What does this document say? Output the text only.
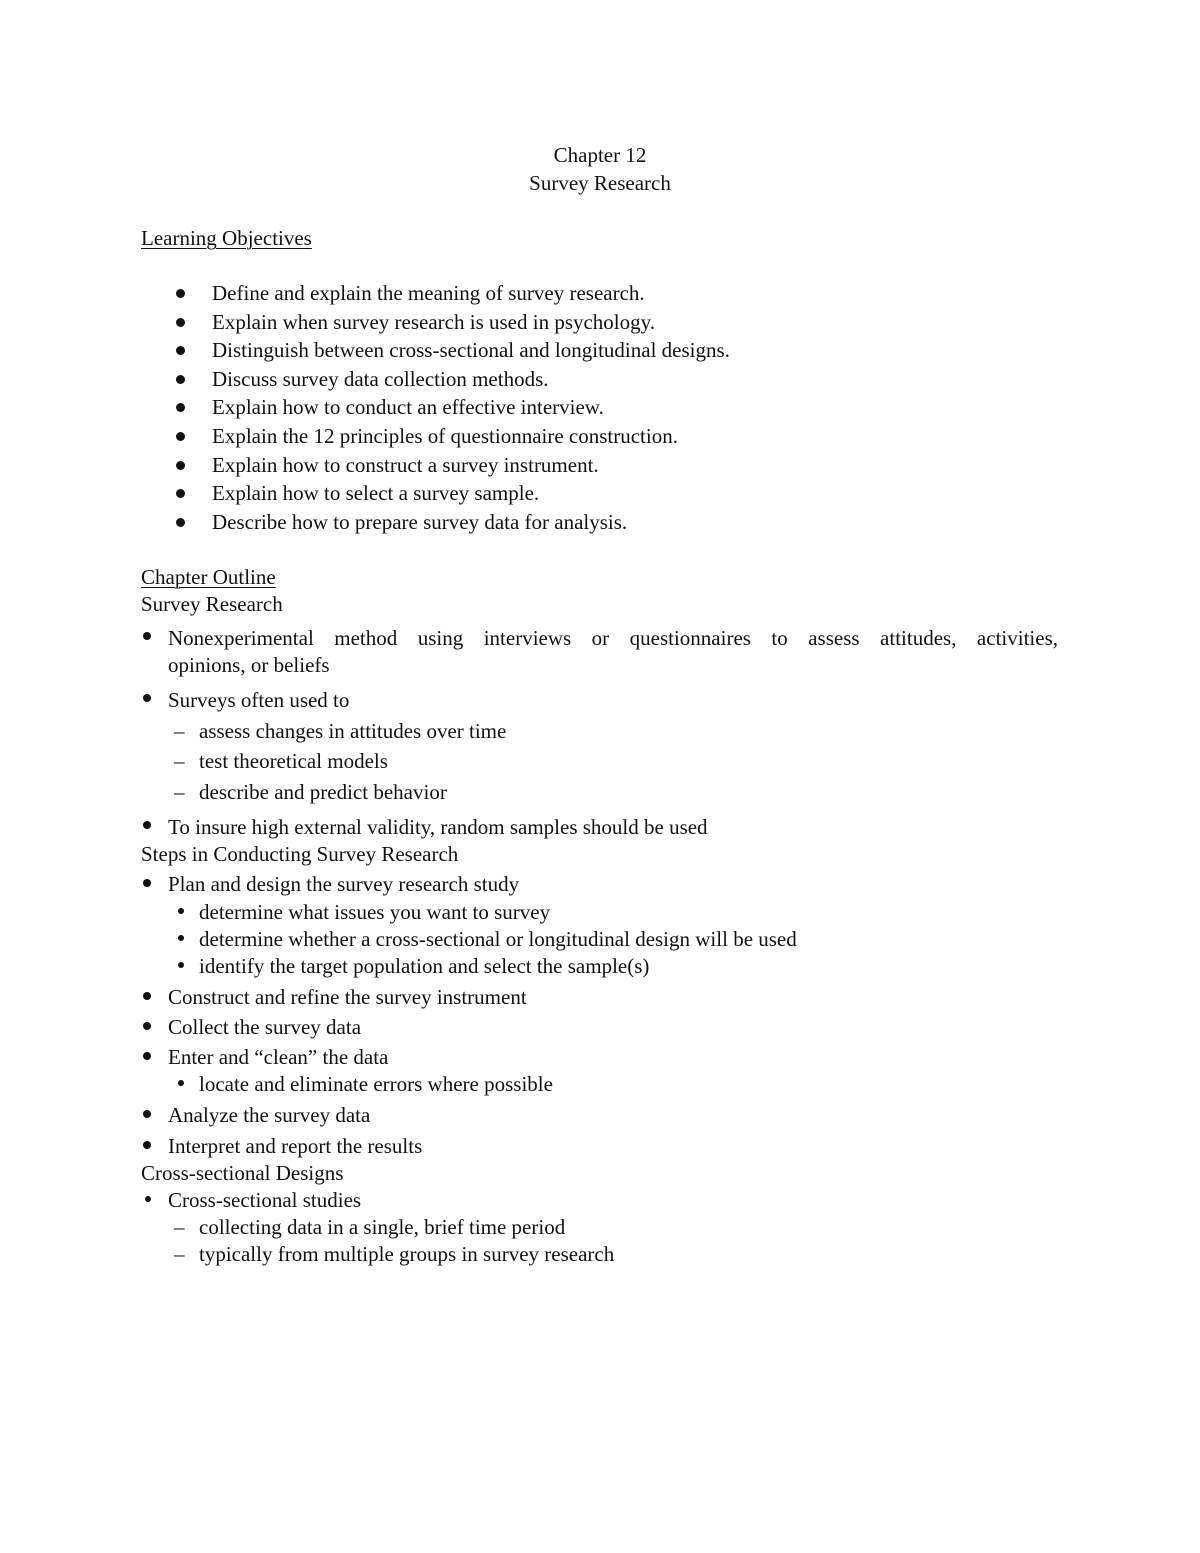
Chapter 12
Survey Research
Learning Objectives
Define and explain the meaning of survey research.
Explain when survey research is used in psychology.
Distinguish between cross-sectional and longitudinal designs.
Discuss survey data collection methods.
Explain how to conduct an effective interview.
Explain the 12 principles of questionnaire construction.
Explain how to construct a survey instrument.
Explain how to select a survey sample.
Describe how to prepare survey data for analysis.
Chapter Outline
Survey Research
Nonexperimental method using interviews or questionnaires to assess attitudes, activities,
opinions, or beliefs
Surveys often used to
– assess changes in attitudes over time
– test theoretical models
– describe and predict behavior
To insure high external validity, random samples should be used
Steps in Conducting Survey Research
Plan and design the survey research study
determine what issues you want to survey
determine whether a cross-sectional or longitudinal design will be used
identify the target population and select the sample(s)
Construct and refine the survey instrument
Collect the survey data
Enter and “clean” the data
locate and eliminate errors where possible
Analyze the survey data
Interpret and report the results
Cross-sectional Designs
Cross-sectional studies
– collecting data in a single, brief time period
– typically from multiple groups in survey research
